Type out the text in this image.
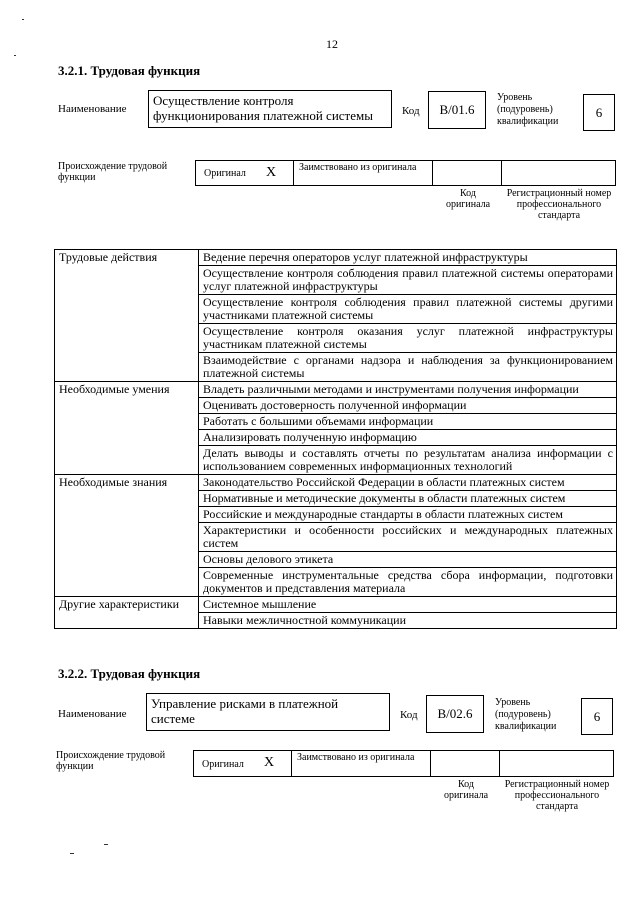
12
3.2.1. Трудовая функция
Наименование
Осуществление контроля функционирования платежной системы	Код	B/01.6
Уровень (подуровень) квалификации
6
Происхождение трудовой функции	Оригинал X Заимствовано из оригинала
Код оригинала
Регистрационный номер профессионального стандарта
Трудовые действия	Ведение перечня операторов услуг платежной инфраструктуры
	Осуществление контроля соблюдения правил платежной системы операторами услуг платежной инфраструктуры
	Осуществление контроля соблюдения правил платежной системы другими участниками платежной системы
	Осуществление контроля оказания услуг платежной инфраструктуры участникам платежной системы
	Взаимодействие с органами надзора и наблюдения за функционированием платежной системы
Необходимые умения	Владеть различными методами и инструментами получения информации
	Оценивать достоверность полученной информации
	Работать с большими объемами информации
	Анализировать полученную информацию
	Делать выводы и составлять отчеты по результатам анализа информации с использованием современных информационных технологий
Необходимые знания	Законодательство Российской Федерации в области платежных систем
	Нормативные и методические документы в области платежных систем
	Российские и международные стандарты в области платежных систем
	Характеристики и особенности российских и международных платежных систем
	Основы делового этикета
	Современные инструментальные средства сбора информации, подготовки документов и представления материала
Другие характеристики	Системное мышление
	Навыки межличностной коммуникации
3.2.2. Трудовая функция
Наименование
Управление рисками в платежной системе	Код	B/02.6
Уровень (подуровень) квалификации
6
Происхождение трудовой функции	Оригинал X Заимствовано из оригинала
Код оригинала
Регистрационный номер профессионального стандарта
